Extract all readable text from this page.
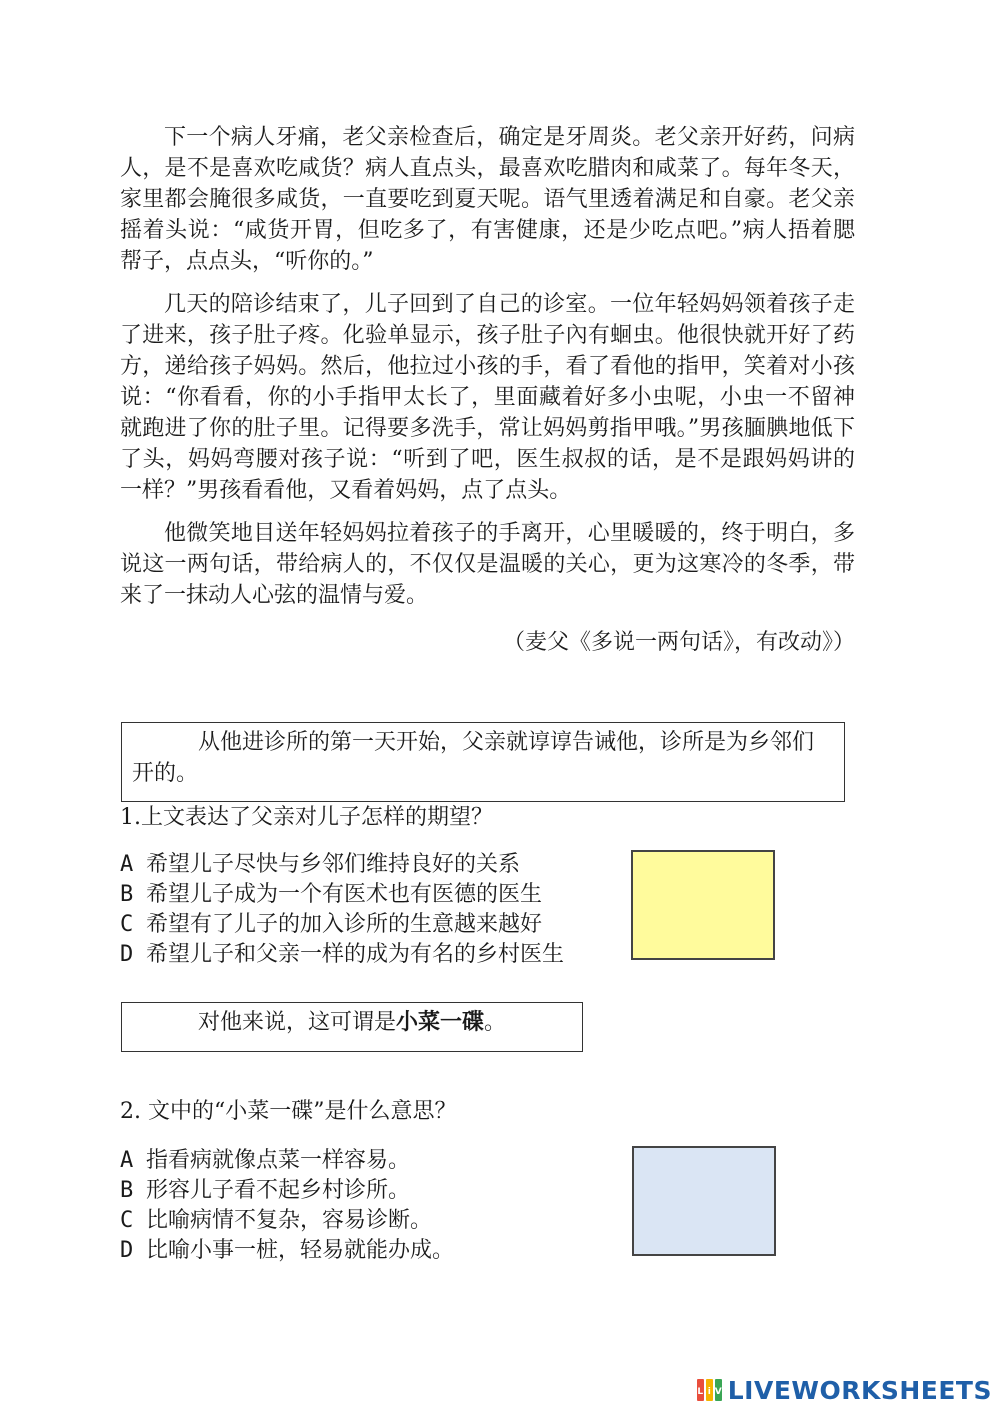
下一个病人牙痛，老父亲检查后，确定是牙周炎。老父亲开好药，问病人，是不是喜欢吃咸货？病人直点头，最喜欢吃腊肉和咸菜了。每年冬天，家里都会腌很多咸货，一直要吃到夏天呢。语气里透着满足和自豪。老父亲摇着头说：“咸货开胃，但吃多了，有害健康，还是少吃点吧。”病人捂着腮帮子，点点头，“听你的。”

几天的陪诊结束了，儿子回到了自己的诊室。一位年轻妈妈领着孩子走了进来，孩子肚子疼。化验单显示，孩子肚子內有蛔虫。他很快就开好了药方，递给孩子妈妈。然后，他拉过小孩的手，看了看他的指甲，笑着对小孩说：“你看看，你的小手指甲太长了，里面藏着好多小虫呢，小虫一不留神就跑进了你的肚子里。记得要多洗手，常让妈妈剪指甲哦。”男孩腼腆地低下了头，妈妈弯腰对孩子说：“听到了吧，医生叔叔的话，是不是跟妈妈讲的一样？”男孩看看他，又看着妈妈，点了点头。

他微笑地目送年轻妈妈拉着孩子的手离开，心里暖暖的，终于明白，多说这一两句话，带给病人的，不仅仅是温暖的关心，更为这寒冷的冬季，带来了一抹动人心弦的温情与爱。

（麦父《多说一两句话》，有改动》）
从他进诊所的第一天开始，父亲就谆谆告诫他，诊所是为乡邻们开的。
1.上文表达了父亲对儿子怎样的期望？
A 希望儿子尽快与乡邻们维持良好的关系
B 希望儿子成为一个有医术也有医德的医生
C 希望有了儿子的加入诊所的生意越来越好
D 希望儿子和父亲一样的成为有名的乡村医生
对他来说，这可谓是小菜一碟。
2. 文中的“小菜一碟”是什么意思？
A 指看病就像点菜一样容易。
B 形容儿子看不起乡村诊所。
C 比喻病情不复杂，容易诊断。
D 比喻小事一桩，轻易就能办成。
L i V LIVEWORKSHEETS
